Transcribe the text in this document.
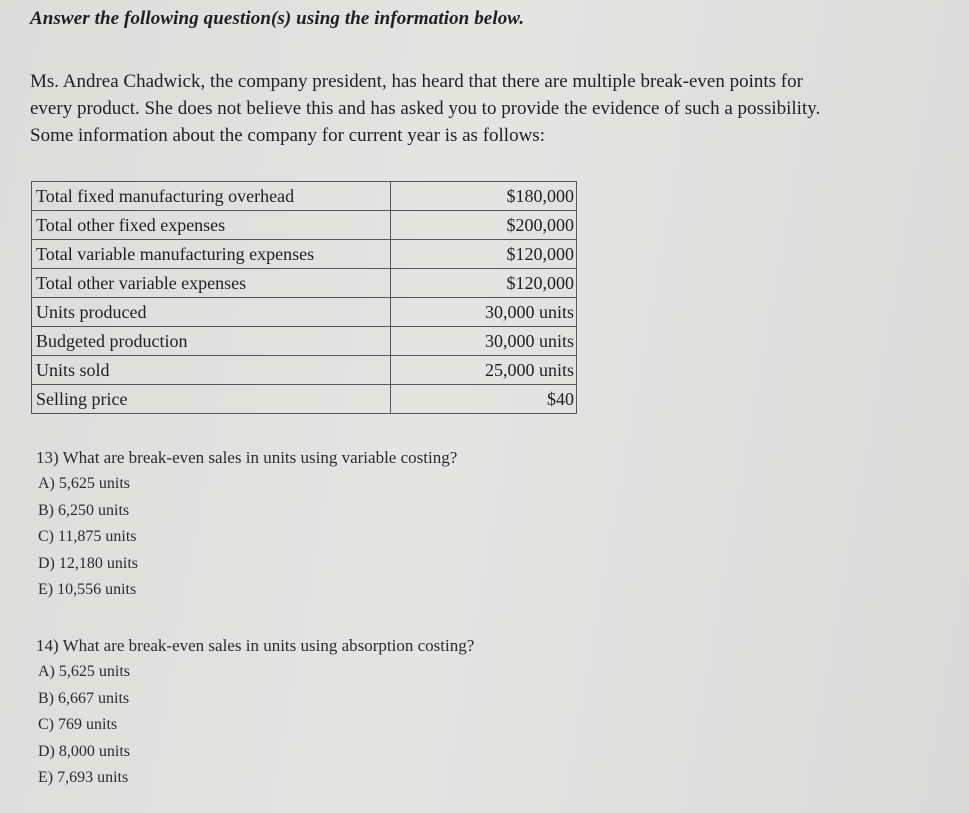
Answer the following question(s) using the information below.

Ms. Andrea Chadwick, the company president, has heard that there are multiple break-even points for

every product. She does not believe this and has asked you to provide the evidence of such a possibility.

Some information about the company for current year is as follows:

Total fixed manufacturing overhead	$180,000
Total other fixed expenses	$200,000
Total variable manufacturing expenses	$120,000
Total other variable expenses	$120,000
Units produced	30,000 units
Budgeted production	30,000 units
Units sold	25,000 units
Selling price	$40
13) What are break-even sales in units using variable costing?
A) 5,625 units
B) 6,250 units
C) 11,875 units
D) 12,180 units
E) 10,556 units
14) What are break-even sales in units using absorption costing?
A) 5,625 units
B) 6,667 units
C) 769 units
D) 8,000 units
E) 7,693 units
